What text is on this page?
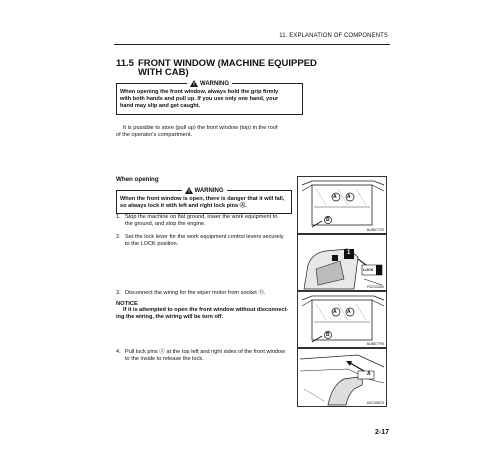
11. EXPLANATION OF COMPONENTS
11.5 FRONT WINDOW (MACHINE EQUIPPED
WITH CAB)
WARNING
When opening the front window, always hold the grip firmly
with both hands and pull up. If you use only one hand, your
hand may slip and get caught.
It is possible to store (pull up) the front window (top) in the roof
of the operator's compartment.
When opening
WARNING
When the front window is open, there is danger that it will fall,
so always lock it with left and right lock pins Ⓐ.
1. Stop the machine on flat ground, lower the work equipment to
the ground, and stop the engine.
2. Set the lock lever for the work equipment control levers securely
to the LOCK position.
3. Disconnect the wiring for the wiper motor from socket Ⓑ.
NOTICE
If it is attempted to open the front window without disconnect-
ing the wiring, the wiring will be torn off.
4. Pull lock pins Ⓐ at the top left and right sides of the front window
to the inside to release the lock.
A A
B
AUB07720
1
LOCK
RZ213300
A A
B
AUB07790
A
AXC00670
2-17
